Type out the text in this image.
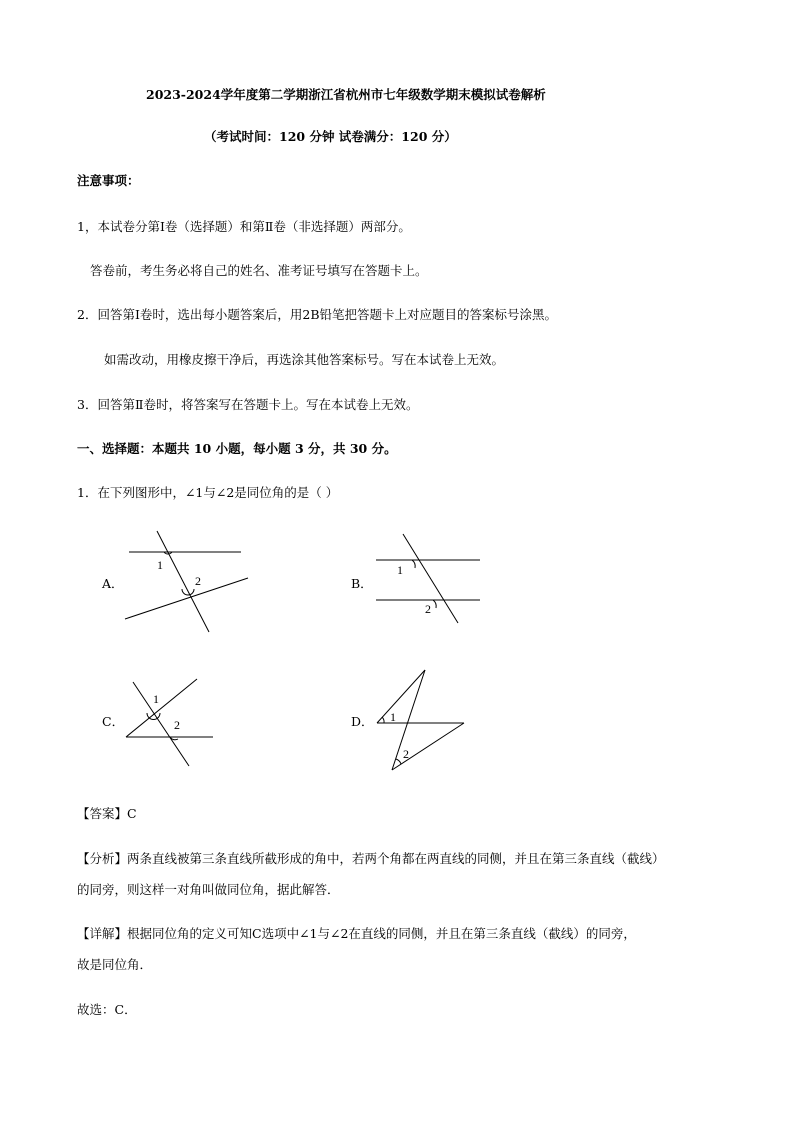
2023-2024学年度第二学期浙江省杭州市七年级数学期末模拟试卷解析
（考试时间：120 分钟 试卷满分：120 分）
注意事项：
1，本试卷分第Ⅰ卷（选择题）和第Ⅱ卷（非选择题）两部分。
答卷前，考生务必将自己的姓名、准考证号填写在答题卡上。
2．回答第Ⅰ卷时，选出每小题答案后，用2B铅笔把答题卡上对应题目的答案标号涂黑。
如需改动，用橡皮擦干净后，再选涂其他答案标号。写在本试卷上无效。
3．回答第Ⅱ卷时，将答案写在答题卡上。写在本试卷上无效。
一、选择题：本题共 10 小题，每小题 3 分，共 30 分。
1．在下列图形中，∠1与∠2是同位角的是（ ）
A．
1
2	B．
1
2
C．
1
2	D． 1
2
【答案】C
【分析】两条直线被第三条直线所截形成的角中，若两个角都在两直线的同侧，并且在第三条直线（截线）
的同旁，则这样一对角叫做同位角，据此解答．
【详解】根据同位角的定义可知C选项中∠1与∠2在直线的同侧，并且在第三条直线（截线）的同旁，
故是同位角．
故选：C．
